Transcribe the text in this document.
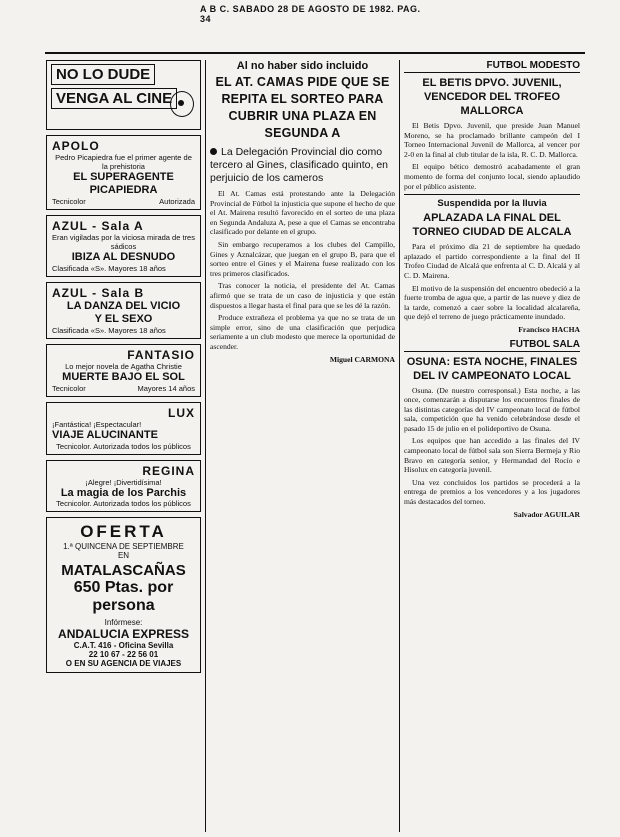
A B C. SABADO 28 DE AGOSTO DE 1982. PAG. 34
NO LO DUDE
VENGA AL CINE
APOLO
Pedro Picapiedra fue el primer agente de la prehistoria
EL SUPERAGENTE PICAPIEDRA
Tecnicolor	Autorizada
AZUL - Sala A
Eran vigiladas por la viciosa mirada de tres sádicos
IBIZA AL DESNUDO
Clasificada «S». Mayores 18 años
AZUL - Sala B
LA DANZA DEL VICIO
Y EL SEXO
Clasificada «S». Mayores 18 años
FANTASIO
Lo mejor novela de Agatha Christie
MUERTE BAJO EL SOL
Tecnicolor	Mayores 14 años
LUX
¡Fantástica! ¡Espectacular!
VIAJE ALUCINANTE
Tecnicolor. Autorizada todos los públicos
REGINA
¡Alegre! ¡Divertidísima!
La magia de los Parchis
Tecnicolor. Autorizada todos los públicos
OFERTA
1.ª QUINCENA DE SEPTIEMBRE
EN
MATALASCAÑAS
650 Ptas. por persona
Infórmese:
ANDALUCIA EXPRESS
C.A.T. 416 - Oficina Sevilla
22 10 67 - 22 56 01
O EN SU AGENCIA DE VIAJES
Al no haber sido incluido
EL AT. CAMAS PIDE QUE SE REPITA EL SORTEO PARA CUBRIR UNA PLAZA EN SEGUNDA A
La Delegación Provincial dio como tercero al Gines, clasificado quinto, en perjuicio de los cameros

El At. Camas está protestando ante la Delegación Provincial de Fútbol la injusticia que supone el hecho de que el At. Mairena resultó favorecido en el sorteo de una plaza en Segunda Andaluza A, pese a que el Camas se encontraba clasificado por delante en el grupo.

Sin embargo recuperamos a los clubes del Campillo, Gines y Aznalcázar, que juegan en el grupo B, para que el sorteo entre el Gines y el Mairena fuese realizado con los tres primeros clasificados.

Tras conocer la noticia, el presidente del At. Camas afirmó que se trata de un caso de injusticia y que están dispuestos a llegar hasta el final para que se les dé la razón.

Produce extrañeza el problema ya que no se trata de un simple error, sino de una clasificación que perjudica seriamente a un club modesto que merece la oportunidad de ascender.

Miguel CARMONA

FUTBOL MODESTO
EL BETIS DPVO. JUVENIL, VENCEDOR DEL TROFEO MALLORCA

El Betis Dpvo. Juvenil, que preside Juan Manuel Moreno, se ha proclamado brillante campeón del I Torneo Internacional Juvenil de Mallorca, al vencer por 2-0 en la final al club titular de la isla, R. C. D. Mallorca.

El equipo bético demostró acabadamente el gran momento de forma del conjunto local, siendo aplaudido por el público asistente.

Suspendida por la lluvia
APLAZADA LA FINAL DEL TORNEO CIUDAD DE ALCALA

Para el próximo día 21 de septiembre ha quedado aplazado el partido correspondiente a la final del II Trofeo Ciudad de Alcalá que enfrenta al C. D. Alcalá y al C. D. Mairena.

El motivo de la suspensión del encuentro obedeció a la fuerte tromba de agua que, a partir de las nueve y diez de la tarde, comenzó a caer sobre la localidad alcalareña, que dejó el terreno de juego prácticamente inundado.

Francisco HACHA

FUTBOL SALA
OSUNA: ESTA NOCHE, FINALES DEL IV CAMPEONATO LOCAL

Osuna. (De nuestro corresponsal.) Esta noche, a las once, comenzarán a disputarse los encuentros finales de las distintas categorías del IV campeonato local de fútbol sala, competición que ha venido celebrándose desde el pasado 15 de julio en el polideportivo de Osuna.

Los equipos que han accedido a las finales del IV campeonato local de fútbol sala son Sierra Bermeja y Rio Bravo en categoría senior, y Hermandad del Rocío e Hisolux en categoría juvenil.

Una vez concluidos los partidos se procederá a la entrega de premios a los vencedores y a los jugadores más destacados del torneo.

Salvador AGUILAR
